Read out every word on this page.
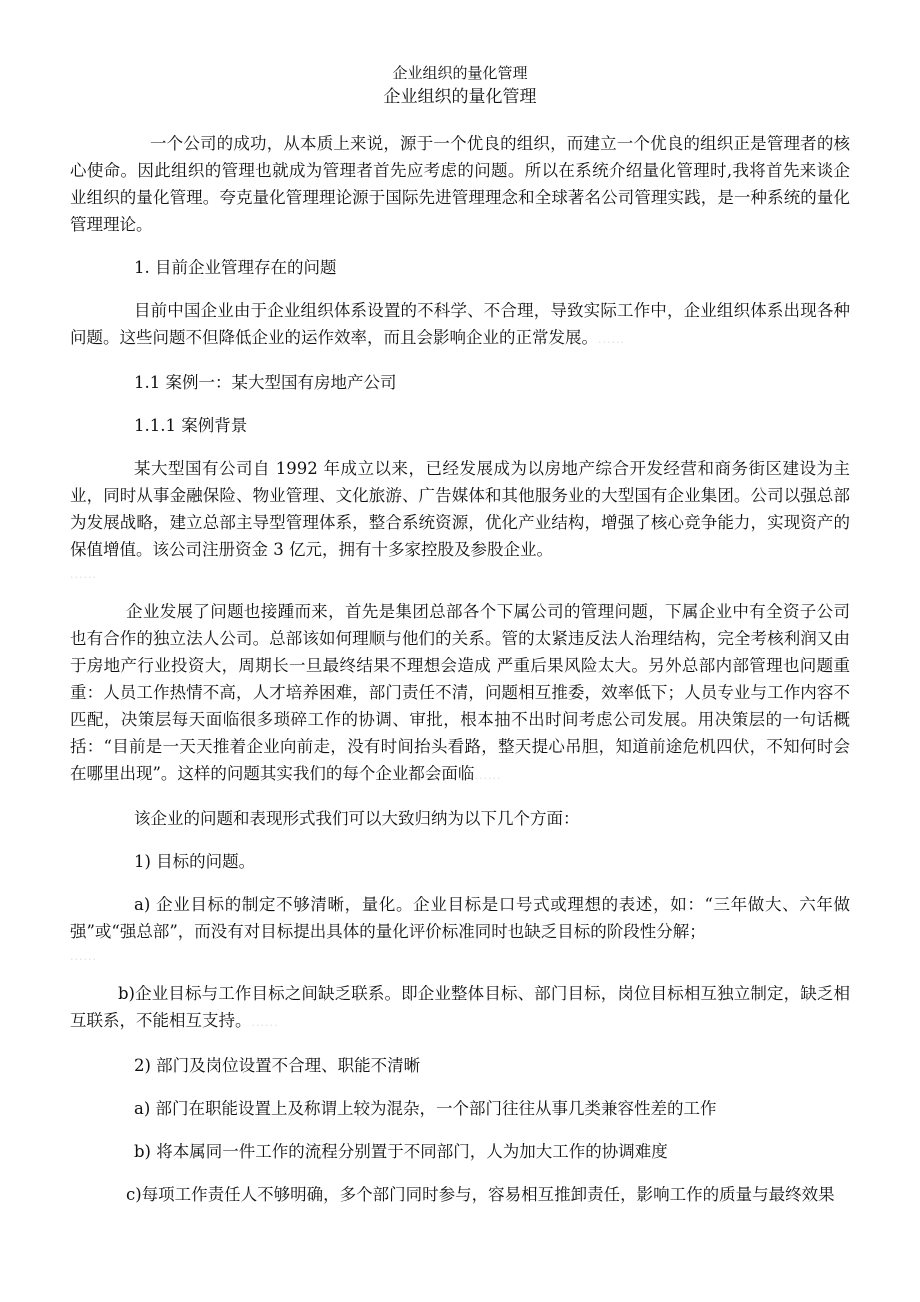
企业组织的量化管理

企业组织的量化管理

一个公司的成功，从本质上来说，源于一个优良的组织，而建立一个优良的组织正是管理者的核心使命。因此组织的管理也就成为管理者首先应考虑的问题。所以在系统介绍量化管理时,我将首先来谈企业组织的量化管理。夸克量化管理理论源于国际先进管理理念和全球著名公司管理实践，是一种系统的量化管理理论。

1. 目前企业管理存在的问题

目前中国企业由于企业组织体系设置的不科学、不合理，导致实际工作中，企业组织体系出现各种问题。这些问题不但降低企业的运作效率，而且会影响企业的正常发展。......

1.1 案例一：某大型国有房地产公司

1.1.1 案例背景

某大型国有公司自 1992 年成立以来，已经发展成为以房地产综合开发经营和商务街区建设为主业，同时从事金融保险、物业管理、文化旅游、广告媒体和其他服务业的大型国有企业集团。公司以强总部为发展战略，建立总部主导型管理体系，整合系统资源，优化产业结构，增强了核心竞争能力，实现资产的保值增值。该公司注册资金 3 亿元，拥有十多家控股及参股企业。

......

企业发展了问题也接踵而来，首先是集团总部各个下属公司的管理问题，下属企业中有全资子公司也有合作的独立法人公司。总部该如何理顺与他们的关系。管的太紧违反法人治理结构，完全考核利润又由于房地产行业投资大，周期长一旦最终结果不理想会造成 严重后果风险太大。另外总部内部管理也问题重重：人员工作热情不高，人才培养困难，部门责任不清，问题相互推委，效率低下；人员专业与工作内容不匹配，决策层每天面临很多琐碎工作的协调、审批，根本抽不出时间考虑公司发展。用决策层的一句话概括：“目前是一天天推着企业向前走，没有时间抬头看路，整天提心吊胆，知道前途危机四伏，不知何时会在哪里出现”。这样的问题其实我们的每个企业都会面临......

该企业的问题和表现形式我们可以大致归纳为以下几个方面：

1) 目标的问题。

a) 企业目标的制定不够清晰，量化。企业目标是口号式或理想的表述，如：“三年做大、六年做强”或“强总部”，而没有对目标提出具体的量化评价标准同时也缺乏目标的阶段性分解；

......

b)企业目标与工作目标之间缺乏联系。即企业整体目标、部门目标，岗位目标相互独立制定，缺乏相互联系，不能相互支持。......

2) 部门及岗位设置不合理、职能不清晰

a) 部门在职能设置上及称谓上较为混杂，一个部门往往从事几类兼容性差的工作

b) 将本属同一件工作的流程分别置于不同部门，人为加大工作的协调难度

c)每项工作责任人不够明确，多个部门同时参与，容易相互推卸责任，影响工作的质量与最终效果
